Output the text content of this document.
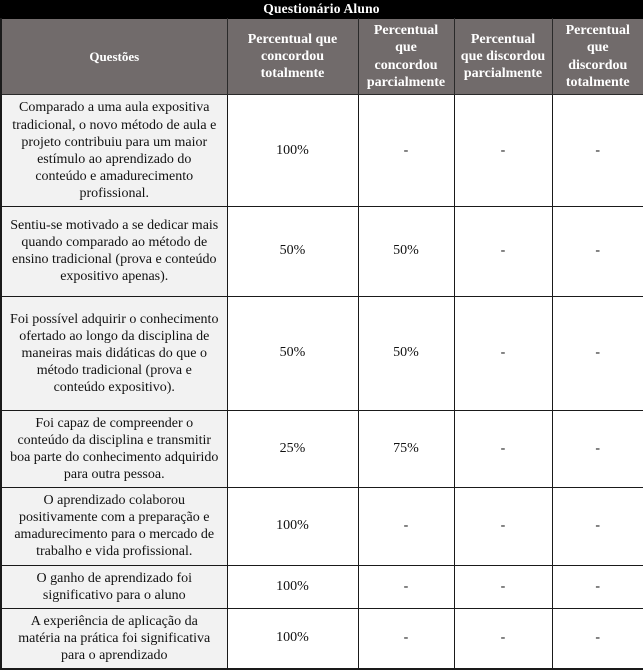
Questionário Aluno
Questões	Percentual que concordou totalmente	Percentual que concordou parcialmente	Percentual que discordou parcialmente	Percentual que discordou totalmente
Comparado a uma aula expositiva tradicional, o novo método de aula e projeto contribuiu para um maior estímulo ao aprendizado do conteúdo e amadurecimento profissional.	100%	-	-	-
Sentiu-se motivado a se dedicar mais quando comparado ao método de ensino tradicional (prova e conteúdo expositivo apenas).	50%	50%	-	-
Foi possível adquirir o conhecimento ofertado ao longo da disciplina de maneiras mais didáticas do que o método tradicional (prova e conteúdo expositivo).	50%	50%	-	-
Foi capaz de compreender o conteúdo da disciplina e transmitir boa parte do conhecimento adquirido para outra pessoa.	25%	75%	-	-
O aprendizado colaborou positivamente com a preparação e amadurecimento para o mercado de trabalho e vida profissional.	100%	-	-	-
O ganho de aprendizado foi significativo para o aluno	100%	-	-	-
A experiência de aplicação da matéria na prática foi significativa para o aprendizado	100%	-	-	-
